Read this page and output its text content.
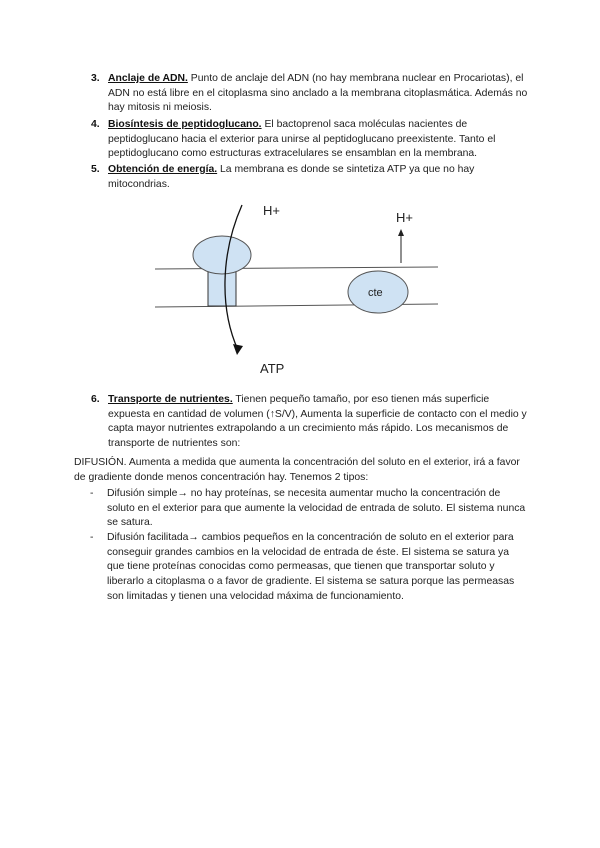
3. Anclaje de ADN. Punto de anclaje del ADN (no hay membrana nuclear en Procariotas), el ADN no está libre en el citoplasma sino anclado a la membrana citoplasmática. Además no hay mitosis ni meiosis.
4. Biosíntesis de peptidoglucano. El bactoprenol saca moléculas nacientes de peptidoglucano hacia el exterior para unirse al peptidoglucano preexistente. Tanto el peptidoglucano como estructuras extracelulares se ensamblan en la membrana.
5. Obtención de energía. La membrana es donde se sintetiza ATP ya que no hay mitocondrias.
H+	H+
cte
ATP
6. Transporte de nutrientes. Tienen pequeño tamaño, por eso tienen más superficie expuesta en cantidad de volumen (↑S/V), Aumenta la superficie de contacto con el medio y capta mayor nutrientes extrapolando a un crecimiento más rápido. Los mecanismos de transporte de nutrientes son:
DIFUSIÓN. Aumenta a medida que aumenta la concentración del soluto en el exterior, irá a favor de gradiente donde menos concentración hay. Tenemos 2 tipos:
- Difusión simple→ no hay proteínas, se necesita aumentar mucho la concentración de soluto en el exterior para que aumente la velocidad de entrada de soluto. El sistema nunca se satura.
- Difusión facilitada→ cambios pequeños en la concentración de soluto en el exterior para conseguir grandes cambios en la velocidad de entrada de éste. El sistema se satura ya que tiene proteínas conocidas como permeasas, que tienen que transportar soluto y liberarlo a citoplasma o a favor de gradiente. El sistema se satura porque las permeasas son limitadas y tienen una velocidad máxima de funcionamiento.
